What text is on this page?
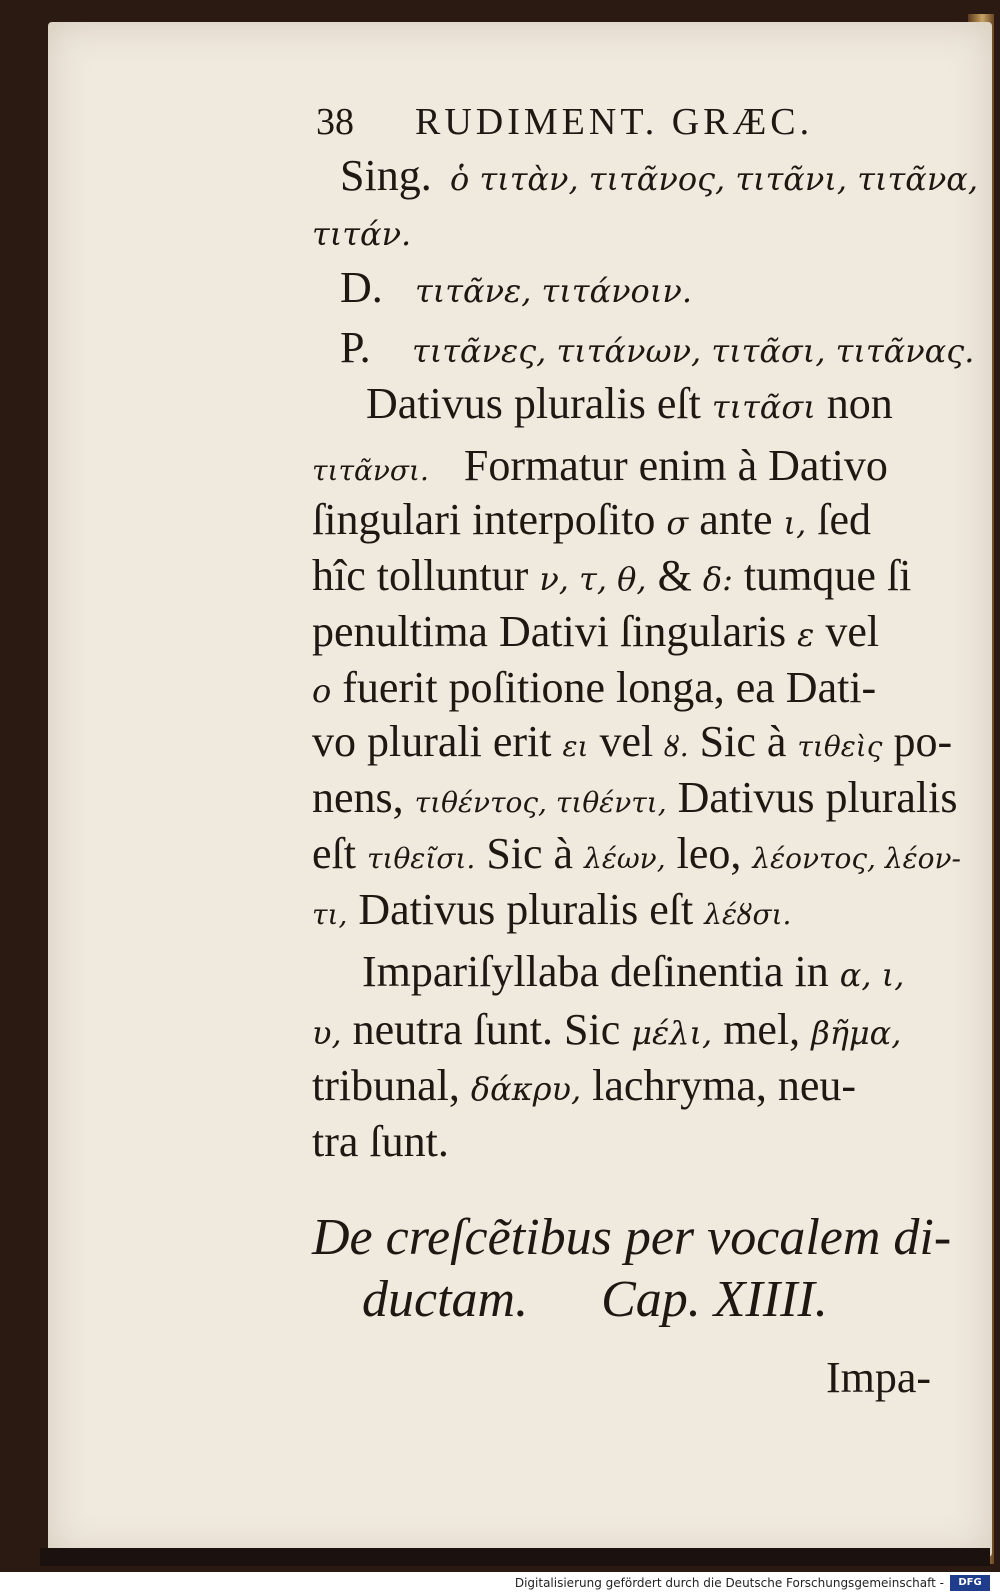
38 RUDIMENT. GRÆC.
Sing. ὁ τιτὰν, τιτᾶνος, τιτᾶνι, τιτᾶνα,
τιτάν.
D. τιτᾶνε, τιτάνοιν.
P. τιτᾶνες, τιτάνων, τιτᾶσι, τιτᾶνας.
Dativus pluralis eſt τιτᾶσι non
τιτᾶνσι. Formatur enim à Dativo
ſingulari interpoſito σ ante ι, ſed
hîc tolluntur ν, τ, θ, & δ: tumque ſi
penultima Dativi ſingularis ε vel
ο fuerit poſitione longa, ea Dati-
vo plurali erit ει vel ȣ. Sic à τιθεὶς po-
nens, τιθέντος, τιθέντι, Dativus pluralis
eſt τιθεῖσι. Sic à λέων, leo, λέοντος, λέον-
τι, Dativus pluralis eſt λέȣσι.
Impariſyllaba deſinentia in α, ι,
υ, neutra ſunt. Sic μέλι, mel, βῆμα,
tribunal, δάκρυ, lachryma, neu-
tra ſunt.
De creſcẽtibus per vocalem di-
ductam. Cap. XIIII.
Impa-
Digitalisierung gefördert durch die Deutsche Forschungsgemeinschaft -	DFG
